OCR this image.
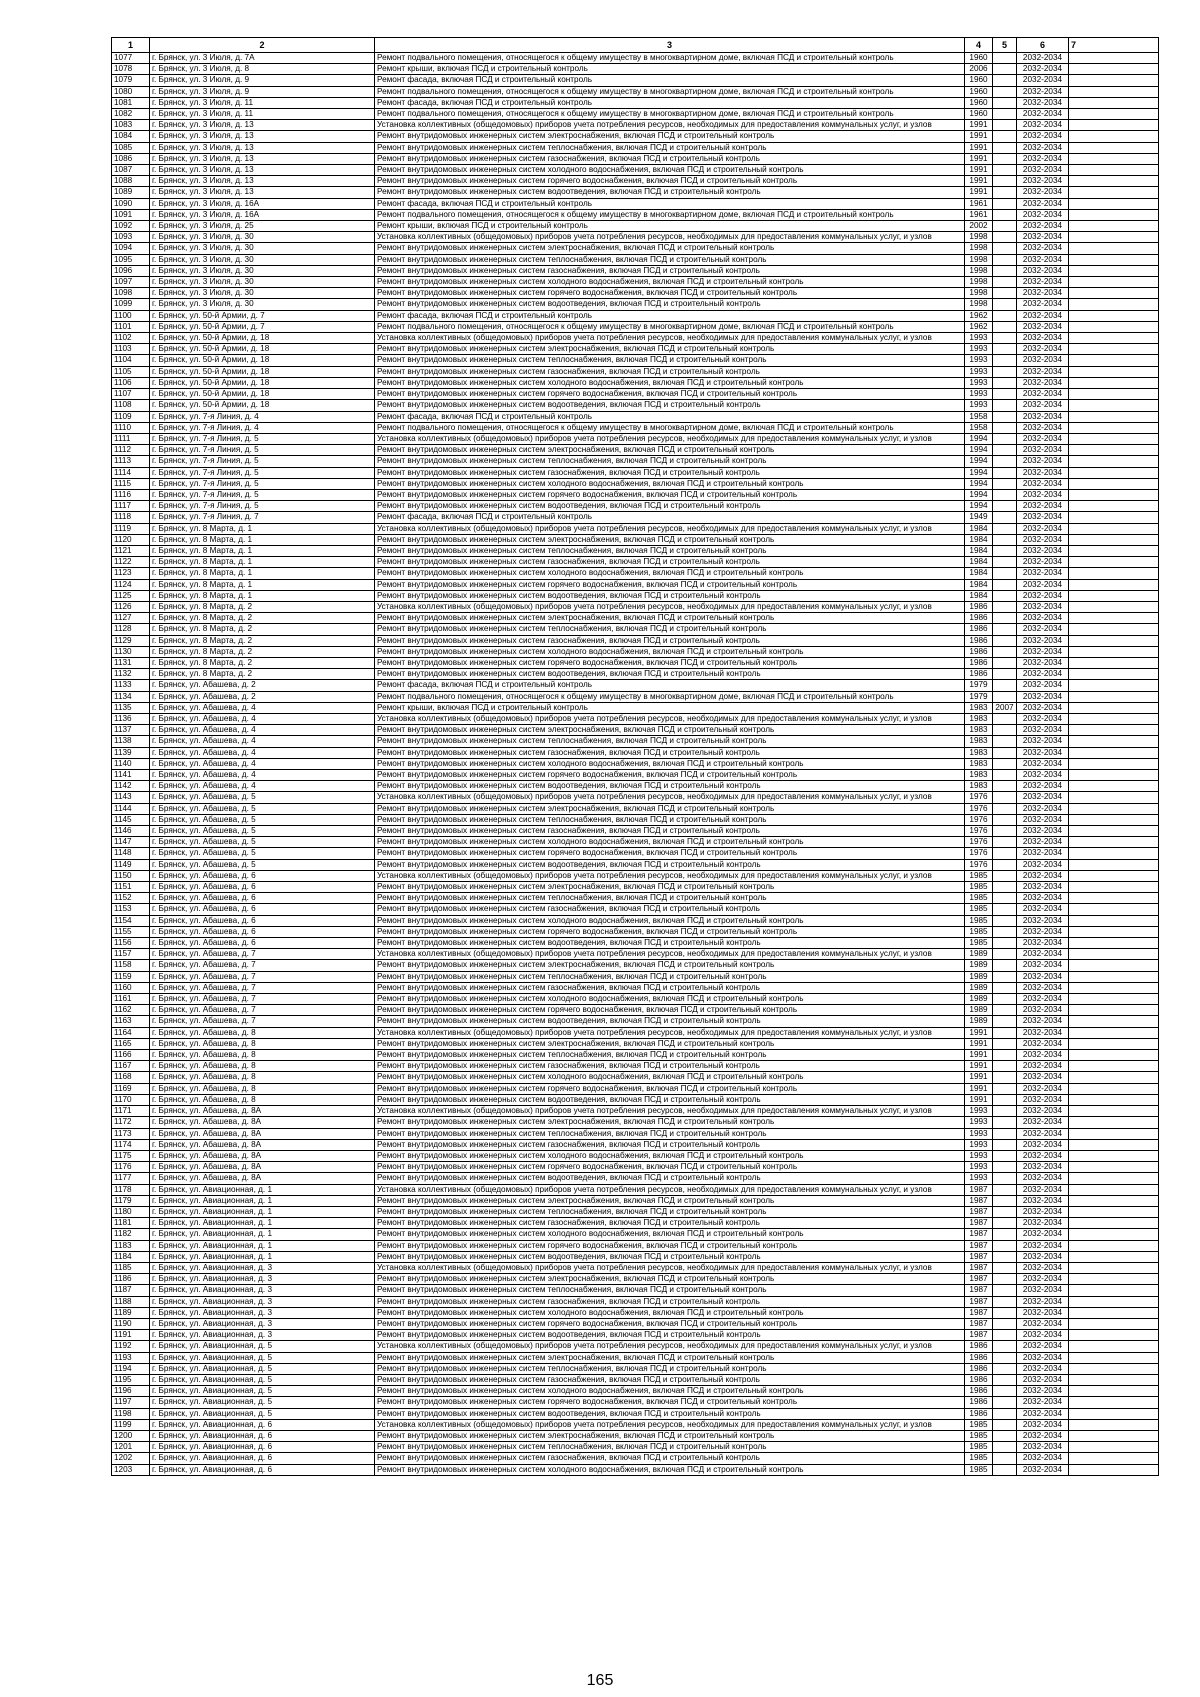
1	2	3	4	5	6	7
1077	г. Брянск, ул. 3 Июля, д. 7А	Ремонт подвального помещения, относящегося к общему имуществу в многоквартирном доме, включая ПСД и строительный контроль	1960		2032-2034	
1078	г. Брянск, ул. 3 Июля, д. 8	Ремонт крыши, включая ПСД и строительный контроль	2006		2032-2034	
1079	г. Брянск, ул. 3 Июля, д. 9	Ремонт фасада, включая ПСД и строительный контроль	1960		2032-2034	
1080	г. Брянск, ул. 3 Июля, д. 9	Ремонт подвального помещения, относящегося к общему имуществу в многоквартирном доме, включая ПСД и строительный контроль	1960		2032-2034	
1081	г. Брянск, ул. 3 Июля, д. 11	Ремонт фасада, включая ПСД и строительный контроль	1960		2032-2034	
1082	г. Брянск, ул. 3 Июля, д. 11	Ремонт подвального помещения, относящегося к общему имуществу в многоквартирном доме, включая ПСД и строительный контроль	1960		2032-2034	
1083	г. Брянск, ул. 3 Июля, д. 13	Установка коллективных (общедомовых) приборов учета потребления ресурсов, необходимых для предоставления коммунальных услуг, и узлов	1991		2032-2034	
1084	г. Брянск, ул. 3 Июля, д. 13	Ремонт внутридомовых инженерных систем электроснабжения, включая ПСД и строительный контроль	1991		2032-2034	
1085	г. Брянск, ул. 3 Июля, д. 13	Ремонт внутридомовых инженерных систем теплоснабжения, включая ПСД и строительный контроль	1991		2032-2034	
1086	г. Брянск, ул. 3 Июля, д. 13	Ремонт внутридомовых инженерных систем газоснабжения, включая ПСД и строительный контроль	1991		2032-2034	
1087	г. Брянск, ул. 3 Июля, д. 13	Ремонт внутридомовых инженерных систем холодного водоснабжения, включая ПСД и строительный контроль	1991		2032-2034	
1088	г. Брянск, ул. 3 Июля, д. 13	Ремонт внутридомовых инженерных систем горячего водоснабжения, включая ПСД и строительный контроль	1991		2032-2034	
1089	г. Брянск, ул. 3 Июля, д. 13	Ремонт внутридомовых инженерных систем водоотведения, включая ПСД и строительный контроль	1991		2032-2034	
1090	г. Брянск, ул. 3 Июля, д. 16А	Ремонт фасада, включая ПСД и строительный контроль	1961		2032-2034	
1091	г. Брянск, ул. 3 Июля, д. 16А	Ремонт подвального помещения, относящегося к общему имуществу в многоквартирном доме, включая ПСД и строительный контроль	1961		2032-2034	
1092	г. Брянск, ул. 3 Июля, д. 25	Ремонт крыши, включая ПСД и строительный контроль	2002		2032-2034	
1093	г. Брянск, ул. 3 Июля, д. 30	Установка коллективных (общедомовых) приборов учета потребления ресурсов, необходимых для предоставления коммунальных услуг, и узлов	1998		2032-2034	
1094	г. Брянск, ул. 3 Июля, д. 30	Ремонт внутридомовых инженерных систем электроснабжения, включая ПСД и строительный контроль	1998		2032-2034	
1095	г. Брянск, ул. 3 Июля, д. 30	Ремонт внутридомовых инженерных систем теплоснабжения, включая ПСД и строительный контроль	1998		2032-2034	
1096	г. Брянск, ул. 3 Июля, д. 30	Ремонт внутридомовых инженерных систем газоснабжения, включая ПСД и строительный контроль	1998		2032-2034	
1097	г. Брянск, ул. 3 Июля, д. 30	Ремонт внутридомовых инженерных систем холодного водоснабжения, включая ПСД и строительный контроль	1998		2032-2034	
1098	г. Брянск, ул. 3 Июля, д. 30	Ремонт внутридомовых инженерных систем горячего водоснабжения, включая ПСД и строительный контроль	1998		2032-2034	
1099	г. Брянск, ул. 3 Июля, д. 30	Ремонт внутридомовых инженерных систем водоотведения, включая ПСД и строительный контроль	1998		2032-2034	
1100	г. Брянск, ул. 50-й Армии, д. 7	Ремонт фасада, включая ПСД и строительный контроль	1962		2032-2034	
1101	г. Брянск, ул. 50-й Армии, д. 7	Ремонт подвального помещения, относящегося к общему имуществу в многоквартирном доме, включая ПСД и строительный контроль	1962		2032-2034	
1102	г. Брянск, ул. 50-й Армии, д. 18	Установка коллективных (общедомовых) приборов учета потребления ресурсов, необходимых для предоставления коммунальных услуг, и узлов	1993		2032-2034	
1103	г. Брянск, ул. 50-й Армии, д. 18	Ремонт внутридомовых инженерных систем электроснабжения, включая ПСД и строительный контроль	1993		2032-2034	
1104	г. Брянск, ул. 50-й Армии, д. 18	Ремонт внутридомовых инженерных систем теплоснабжения, включая ПСД и строительный контроль	1993		2032-2034	
1105	г. Брянск, ул. 50-й Армии, д. 18	Ремонт внутридомовых инженерных систем газоснабжения, включая ПСД и строительный контроль	1993		2032-2034	
1106	г. Брянск, ул. 50-й Армии, д. 18	Ремонт внутридомовых инженерных систем холодного водоснабжения, включая ПСД и строительный контроль	1993		2032-2034	
1107	г. Брянск, ул. 50-й Армии, д. 18	Ремонт внутридомовых инженерных систем горячего водоснабжения, включая ПСД и строительный контроль	1993		2032-2034	
1108	г. Брянск, ул. 50-й Армии, д. 18	Ремонт внутридомовых инженерных систем водоотведения, включая ПСД и строительный контроль	1993		2032-2034	
1109	г. Брянск, ул. 7-я Линия, д. 4	Ремонт фасада, включая ПСД и строительный контроль	1958		2032-2034	
1110	г. Брянск, ул. 7-я Линия, д. 4	Ремонт подвального помещения, относящегося к общему имуществу в многоквартирном доме, включая ПСД и строительный контроль	1958		2032-2034	
1111	г. Брянск, ул. 7-я Линия, д. 5	Установка коллективных (общедомовых) приборов учета потребления ресурсов, необходимых для предоставления коммунальных услуг, и узлов	1994		2032-2034	
1112	г. Брянск, ул. 7-я Линия, д. 5	Ремонт внутридомовых инженерных систем электроснабжения, включая ПСД и строительный контроль	1994		2032-2034	
1113	г. Брянск, ул. 7-я Линия, д. 5	Ремонт внутридомовых инженерных систем теплоснабжения, включая ПСД и строительный контроль	1994		2032-2034	
1114	г. Брянск, ул. 7-я Линия, д. 5	Ремонт внутридомовых инженерных систем газоснабжения, включая ПСД и строительный контроль	1994		2032-2034	
1115	г. Брянск, ул. 7-я Линия, д. 5	Ремонт внутридомовых инженерных систем холодного водоснабжения, включая ПСД и строительный контроль	1994		2032-2034	
1116	г. Брянск, ул. 7-я Линия, д. 5	Ремонт внутридомовых инженерных систем горячего водоснабжения, включая ПСД и строительный контроль	1994		2032-2034	
1117	г. Брянск, ул. 7-я Линия, д. 5	Ремонт внутридомовых инженерных систем водоотведения, включая ПСД и строительный контроль	1994		2032-2034	
1118	г. Брянск, ул. 7-я Линия, д. 7	Ремонт фасада, включая ПСД и строительный контроль	1949		2032-2034	
1119	г. Брянск, ул. 8 Марта, д. 1	Установка коллективных (общедомовых) приборов учета потребления ресурсов, необходимых для предоставления коммунальных услуг, и узлов	1984		2032-2034	
1120	г. Брянск, ул. 8 Марта, д. 1	Ремонт внутридомовых инженерных систем электроснабжения, включая ПСД и строительный контроль	1984		2032-2034	
1121	г. Брянск, ул. 8 Марта, д. 1	Ремонт внутридомовых инженерных систем теплоснабжения, включая ПСД и строительный контроль	1984		2032-2034	
1122	г. Брянск, ул. 8 Марта, д. 1	Ремонт внутридомовых инженерных систем газоснабжения, включая ПСД и строительный контроль	1984		2032-2034	
1123	г. Брянск, ул. 8 Марта, д. 1	Ремонт внутридомовых инженерных систем холодного водоснабжения, включая ПСД и строительный контроль	1984		2032-2034	
1124	г. Брянск, ул. 8 Марта, д. 1	Ремонт внутридомовых инженерных систем горячего водоснабжения, включая ПСД и строительный контроль	1984		2032-2034	
1125	г. Брянск, ул. 8 Марта, д. 1	Ремонт внутридомовых инженерных систем водоотведения, включая ПСД и строительный контроль	1984		2032-2034	
1126	г. Брянск, ул. 8 Марта, д. 2	Установка коллективных (общедомовых) приборов учета потребления ресурсов, необходимых для предоставления коммунальных услуг, и узлов	1986		2032-2034	
1127	г. Брянск, ул. 8 Марта, д. 2	Ремонт внутридомовых инженерных систем электроснабжения, включая ПСД и строительный контроль	1986		2032-2034	
1128	г. Брянск, ул. 8 Марта, д. 2	Ремонт внутридомовых инженерных систем теплоснабжения, включая ПСД и строительный контроль	1986		2032-2034	
1129	г. Брянск, ул. 8 Марта, д. 2	Ремонт внутридомовых инженерных систем газоснабжения, включая ПСД и строительный контроль	1986		2032-2034	
1130	г. Брянск, ул. 8 Марта, д. 2	Ремонт внутридомовых инженерных систем холодного водоснабжения, включая ПСД и строительный контроль	1986		2032-2034	
1131	г. Брянск, ул. 8 Марта, д. 2	Ремонт внутридомовых инженерных систем горячего водоснабжения, включая ПСД и строительный контроль	1986		2032-2034	
1132	г. Брянск, ул. 8 Марта, д. 2	Ремонт внутридомовых инженерных систем водоотведения, включая ПСД и строительный контроль	1986		2032-2034	
1133	г. Брянск, ул. Абашева, д. 2	Ремонт фасада, включая ПСД и строительный контроль	1979		2032-2034	
1134	г. Брянск, ул. Абашева, д. 2	Ремонт подвального помещения, относящегося к общему имуществу в многоквартирном доме, включая ПСД и строительный контроль	1979		2032-2034	
1135	г. Брянск, ул. Абашева, д. 4	Ремонт крыши, включая ПСД и строительный контроль	1983	2007	2032-2034	
1136	г. Брянск, ул. Абашева, д. 4	Установка коллективных (общедомовых) приборов учета потребления ресурсов, необходимых для предоставления коммунальных услуг, и узлов	1983		2032-2034	
1137	г. Брянск, ул. Абашева, д. 4	Ремонт внутридомовых инженерных систем электроснабжения, включая ПСД и строительный контроль	1983		2032-2034	
1138	г. Брянск, ул. Абашева, д. 4	Ремонт внутридомовых инженерных систем теплоснабжения, включая ПСД и строительный контроль	1983		2032-2034	
1139	г. Брянск, ул. Абашева, д. 4	Ремонт внутридомовых инженерных систем газоснабжения, включая ПСД и строительный контроль	1983		2032-2034	
1140	г. Брянск, ул. Абашева, д. 4	Ремонт внутридомовых инженерных систем холодного водоснабжения, включая ПСД и строительный контроль	1983		2032-2034	
1141	г. Брянск, ул. Абашева, д. 4	Ремонт внутридомовых инженерных систем горячего водоснабжения, включая ПСД и строительный контроль	1983		2032-2034	
1142	г. Брянск, ул. Абашева, д. 4	Ремонт внутридомовых инженерных систем водоотведения, включая ПСД и строительный контроль	1983		2032-2034	
1143	г. Брянск, ул. Абашева, д. 5	Установка коллективных (общедомовых) приборов учета потребления ресурсов, необходимых для предоставления коммунальных услуг, и узлов	1976		2032-2034	
1144	г. Брянск, ул. Абашева, д. 5	Ремонт внутридомовых инженерных систем электроснабжения, включая ПСД и строительный контроль	1976		2032-2034	
1145	г. Брянск, ул. Абашева, д. 5	Ремонт внутридомовых инженерных систем теплоснабжения, включая ПСД и строительный контроль	1976		2032-2034	
1146	г. Брянск, ул. Абашева, д. 5	Ремонт внутридомовых инженерных систем газоснабжения, включая ПСД и строительный контроль	1976		2032-2034	
1147	г. Брянск, ул. Абашева, д. 5	Ремонт внутридомовых инженерных систем холодного водоснабжения, включая ПСД и строительный контроль	1976		2032-2034	
1148	г. Брянск, ул. Абашева, д. 5	Ремонт внутридомовых инженерных систем горячего водоснабжения, включая ПСД и строительный контроль	1976		2032-2034	
1149	г. Брянск, ул. Абашева, д. 5	Ремонт внутридомовых инженерных систем водоотведения, включая ПСД и строительный контроль	1976		2032-2034	
1150	г. Брянск, ул. Абашева, д. 6	Установка коллективных (общедомовых) приборов учета потребления ресурсов, необходимых для предоставления коммунальных услуг, и узлов	1985		2032-2034	
1151	г. Брянск, ул. Абашева, д. 6	Ремонт внутридомовых инженерных систем электроснабжения, включая ПСД и строительный контроль	1985		2032-2034	
1152	г. Брянск, ул. Абашева, д. 6	Ремонт внутридомовых инженерных систем теплоснабжения, включая ПСД и строительный контроль	1985		2032-2034	
1153	г. Брянск, ул. Абашева, д. 6	Ремонт внутридомовых инженерных систем газоснабжения, включая ПСД и строительный контроль	1985		2032-2034	
1154	г. Брянск, ул. Абашева, д. 6	Ремонт внутридомовых инженерных систем холодного водоснабжения, включая ПСД и строительный контроль	1985		2032-2034	
1155	г. Брянск, ул. Абашева, д. 6	Ремонт внутридомовых инженерных систем горячего водоснабжения, включая ПСД и строительный контроль	1985		2032-2034	
1156	г. Брянск, ул. Абашева, д. 6	Ремонт внутридомовых инженерных систем водоотведения, включая ПСД и строительный контроль	1985		2032-2034	
1157	г. Брянск, ул. Абашева, д. 7	Установка коллективных (общедомовых) приборов учета потребления ресурсов, необходимых для предоставления коммунальных услуг, и узлов	1989		2032-2034	
1158	г. Брянск, ул. Абашева, д. 7	Ремонт внутридомовых инженерных систем электроснабжения, включая ПСД и строительный контроль	1989		2032-2034	
1159	г. Брянск, ул. Абашева, д. 7	Ремонт внутридомовых инженерных систем теплоснабжения, включая ПСД и строительный контроль	1989		2032-2034	
1160	г. Брянск, ул. Абашева, д. 7	Ремонт внутридомовых инженерных систем газоснабжения, включая ПСД и строительный контроль	1989		2032-2034	
1161	г. Брянск, ул. Абашева, д. 7	Ремонт внутридомовых инженерных систем холодного водоснабжения, включая ПСД и строительный контроль	1989		2032-2034	
1162	г. Брянск, ул. Абашева, д. 7	Ремонт внутридомовых инженерных систем горячего водоснабжения, включая ПСД и строительный контроль	1989		2032-2034	
1163	г. Брянск, ул. Абашева, д. 7	Ремонт внутридомовых инженерных систем водоотведения, включая ПСД и строительный контроль	1989		2032-2034	
1164	г. Брянск, ул. Абашева, д. 8	Установка коллективных (общедомовых) приборов учета потребления ресурсов, необходимых для предоставления коммунальных услуг, и узлов	1991		2032-2034	
1165	г. Брянск, ул. Абашева, д. 8	Ремонт внутридомовых инженерных систем электроснабжения, включая ПСД и строительный контроль	1991		2032-2034	
1166	г. Брянск, ул. Абашева, д. 8	Ремонт внутридомовых инженерных систем теплоснабжения, включая ПСД и строительный контроль	1991		2032-2034	
1167	г. Брянск, ул. Абашева, д. 8	Ремонт внутридомовых инженерных систем газоснабжения, включая ПСД и строительный контроль	1991		2032-2034	
1168	г. Брянск, ул. Абашева, д. 8	Ремонт внутридомовых инженерных систем холодного водоснабжения, включая ПСД и строительный контроль	1991		2032-2034	
1169	г. Брянск, ул. Абашева, д. 8	Ремонт внутридомовых инженерных систем горячего водоснабжения, включая ПСД и строительный контроль	1991		2032-2034	
1170	г. Брянск, ул. Абашева, д. 8	Ремонт внутридомовых инженерных систем водоотведения, включая ПСД и строительный контроль	1991		2032-2034	
1171	г. Брянск, ул. Абашева, д. 8А	Установка коллективных (общедомовых) приборов учета потребления ресурсов, необходимых для предоставления коммунальных услуг, и узлов	1993		2032-2034	
1172	г. Брянск, ул. Абашева, д. 8А	Ремонт внутридомовых инженерных систем электроснабжения, включая ПСД и строительный контроль	1993		2032-2034	
1173	г. Брянск, ул. Абашева, д. 8А	Ремонт внутридомовых инженерных систем теплоснабжения, включая ПСД и строительный контроль	1993		2032-2034	
1174	г. Брянск, ул. Абашева, д. 8А	Ремонт внутридомовых инженерных систем газоснабжения, включая ПСД и строительный контроль	1993		2032-2034	
1175	г. Брянск, ул. Абашева, д. 8А	Ремонт внутридомовых инженерных систем холодного водоснабжения, включая ПСД и строительный контроль	1993		2032-2034	
1176	г. Брянск, ул. Абашева, д. 8А	Ремонт внутридомовых инженерных систем горячего водоснабжения, включая ПСД и строительный контроль	1993		2032-2034	
1177	г. Брянск, ул. Абашева, д. 8А	Ремонт внутридомовых инженерных систем водоотведения, включая ПСД и строительный контроль	1993		2032-2034	
1178	г. Брянск, ул. Авиационная, д. 1	Установка коллективных (общедомовых) приборов учета потребления ресурсов, необходимых для предоставления коммунальных услуг, и узлов	1987		2032-2034	
1179	г. Брянск, ул. Авиационная, д. 1	Ремонт внутридомовых инженерных систем электроснабжения, включая ПСД и строительный контроль	1987		2032-2034	
1180	г. Брянск, ул. Авиационная, д. 1	Ремонт внутридомовых инженерных систем теплоснабжения, включая ПСД и строительный контроль	1987		2032-2034	
1181	г. Брянск, ул. Авиационная, д. 1	Ремонт внутридомовых инженерных систем газоснабжения, включая ПСД и строительный контроль	1987		2032-2034	
1182	г. Брянск, ул. Авиационная, д. 1	Ремонт внутридомовых инженерных систем холодного водоснабжения, включая ПСД и строительный контроль	1987		2032-2034	
1183	г. Брянск, ул. Авиационная, д. 1	Ремонт внутридомовых инженерных систем горячего водоснабжения, включая ПСД и строительный контроль	1987		2032-2034	
1184	г. Брянск, ул. Авиационная, д. 1	Ремонт внутридомовых инженерных систем водоотведения, включая ПСД и строительный контроль	1987		2032-2034	
1185	г. Брянск, ул. Авиационная, д. 3	Установка коллективных (общедомовых) приборов учета потребления ресурсов, необходимых для предоставления коммунальных услуг, и узлов	1987		2032-2034	
1186	г. Брянск, ул. Авиационная, д. 3	Ремонт внутридомовых инженерных систем электроснабжения, включая ПСД и строительный контроль	1987		2032-2034	
1187	г. Брянск, ул. Авиационная, д. 3	Ремонт внутридомовых инженерных систем теплоснабжения, включая ПСД и строительный контроль	1987		2032-2034	
1188	г. Брянск, ул. Авиационная, д. 3	Ремонт внутридомовых инженерных систем газоснабжения, включая ПСД и строительный контроль	1987		2032-2034	
1189	г. Брянск, ул. Авиационная, д. 3	Ремонт внутридомовых инженерных систем холодного водоснабжения, включая ПСД и строительный контроль	1987		2032-2034	
1190	г. Брянск, ул. Авиационная, д. 3	Ремонт внутридомовых инженерных систем горячего водоснабжения, включая ПСД и строительный контроль	1987		2032-2034	
1191	г. Брянск, ул. Авиационная, д. 3	Ремонт внутридомовых инженерных систем водоотведения, включая ПСД и строительный контроль	1987		2032-2034	
1192	г. Брянск, ул. Авиационная, д. 5	Установка коллективных (общедомовых) приборов учета потребления ресурсов, необходимых для предоставления коммунальных услуг, и узлов	1986		2032-2034	
1193	г. Брянск, ул. Авиационная, д. 5	Ремонт внутридомовых инженерных систем электроснабжения, включая ПСД и строительный контроль	1986		2032-2034	
1194	г. Брянск, ул. Авиационная, д. 5	Ремонт внутридомовых инженерных систем теплоснабжения, включая ПСД и строительный контроль	1986		2032-2034	
1195	г. Брянск, ул. Авиационная, д. 5	Ремонт внутридомовых инженерных систем газоснабжения, включая ПСД и строительный контроль	1986		2032-2034	
1196	г. Брянск, ул. Авиационная, д. 5	Ремонт внутридомовых инженерных систем холодного водоснабжения, включая ПСД и строительный контроль	1986		2032-2034	
1197	г. Брянск, ул. Авиационная, д. 5	Ремонт внутридомовых инженерных систем горячего водоснабжения, включая ПСД и строительный контроль	1986		2032-2034	
1198	г. Брянск, ул. Авиационная, д. 5	Ремонт внутридомовых инженерных систем водоотведения, включая ПСД и строительный контроль	1986		2032-2034	
1199	г. Брянск, ул. Авиационная, д. 6	Установка коллективных (общедомовых) приборов учета потребления ресурсов, необходимых для предоставления коммунальных услуг, и узлов	1985		2032-2034	
1200	г. Брянск, ул. Авиационная, д. 6	Ремонт внутридомовых инженерных систем электроснабжения, включая ПСД и строительный контроль	1985		2032-2034	
1201	г. Брянск, ул. Авиационная, д. 6	Ремонт внутридомовых инженерных систем теплоснабжения, включая ПСД и строительный контроль	1985		2032-2034	
1202	г. Брянск, ул. Авиационная, д. 6	Ремонт внутридомовых инженерных систем газоснабжения, включая ПСД и строительный контроль	1985		2032-2034	
1203	г. Брянск, ул. Авиационная, д. 6	Ремонт внутридомовых инженерных систем холодного водоснабжения, включая ПСД и строительный контроль	1985		2032-2034	
165
